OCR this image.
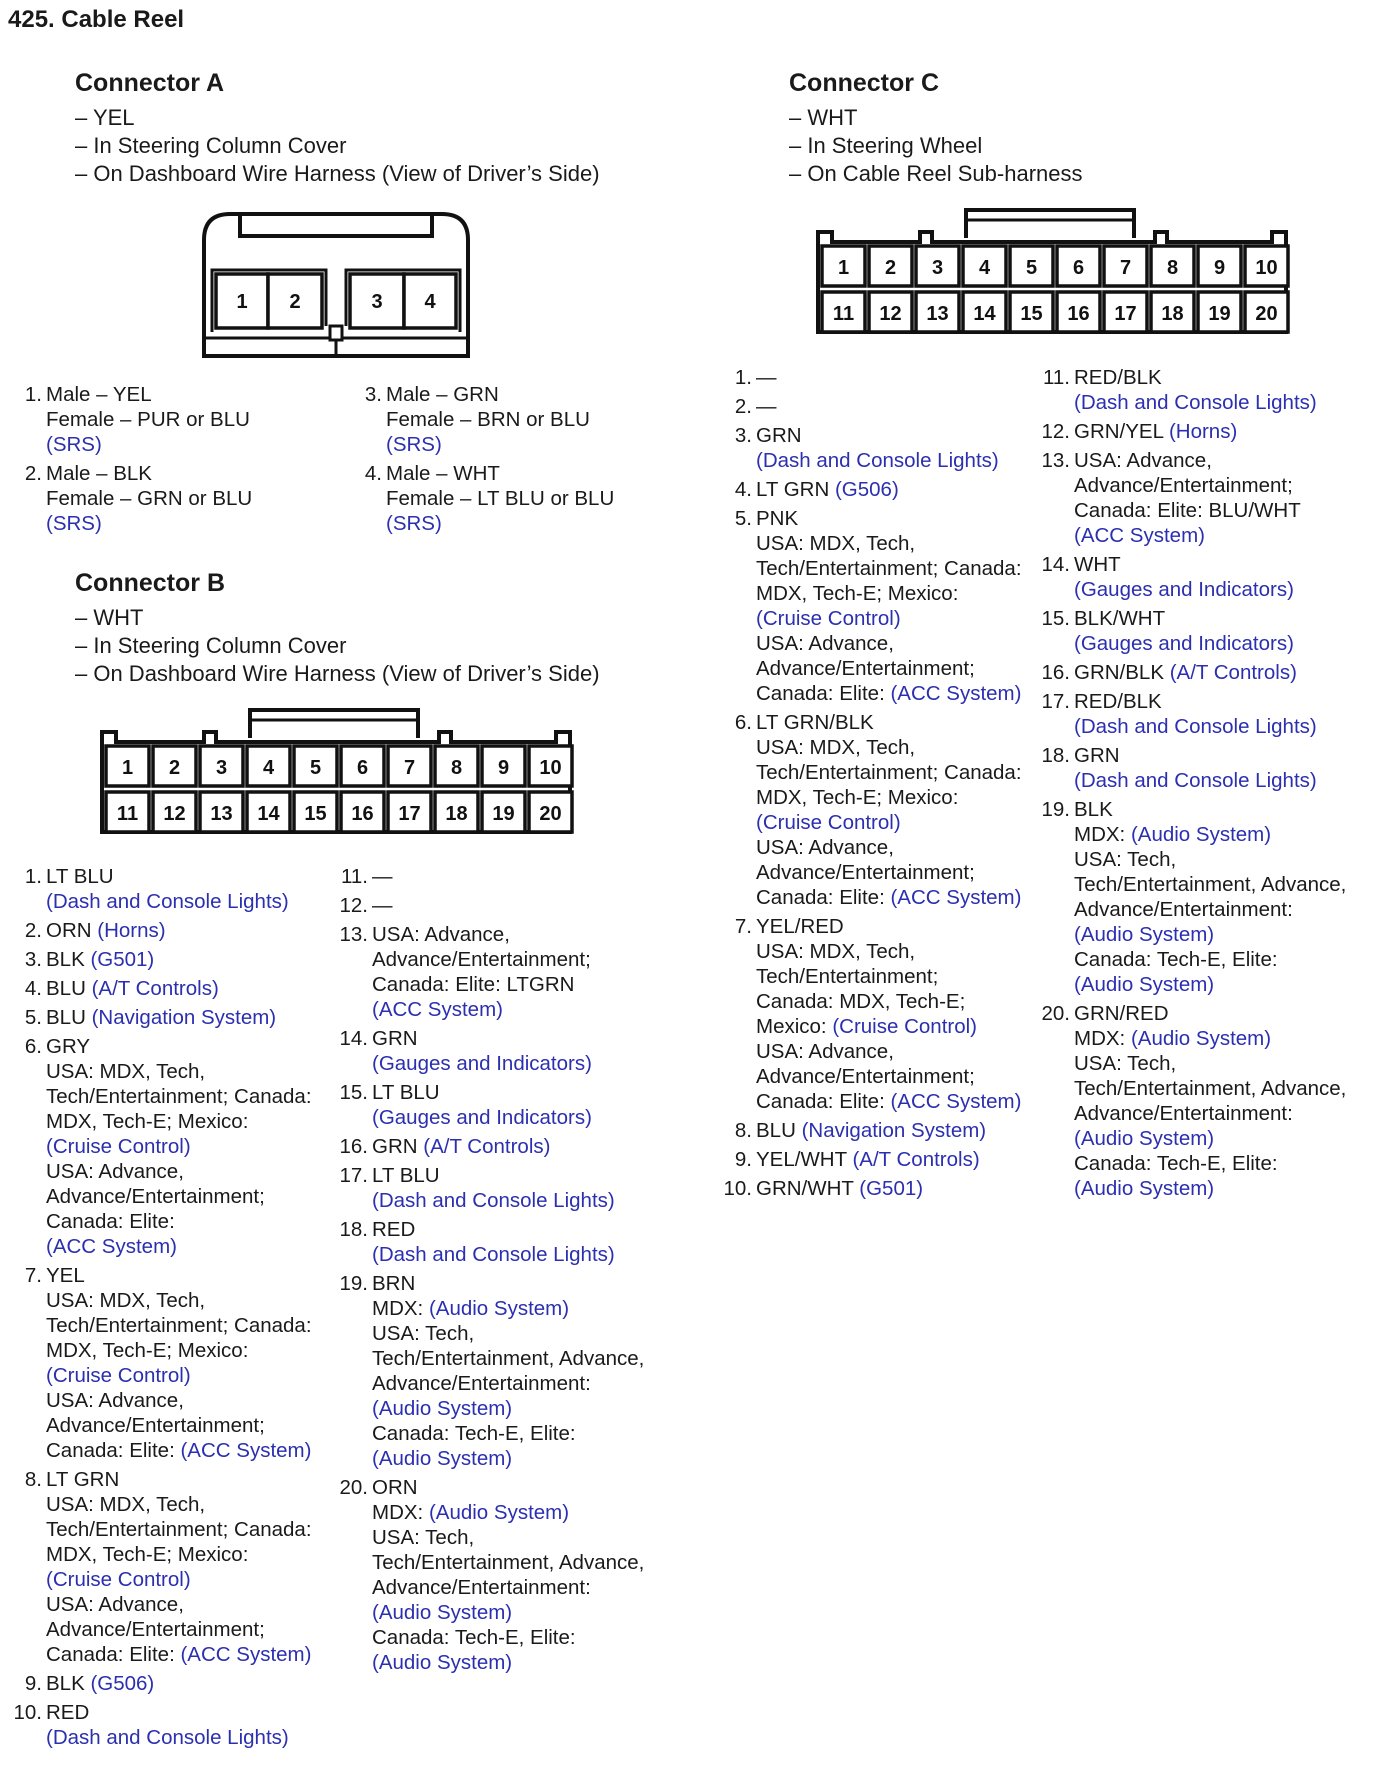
425. Cable Reel
Connector A
– YEL
– In Steering Column Cover
– On Dashboard Wire Harness (View of Driver’s Side)
1 2	3 4
1. Male – YEL
Female – PUR or BLU
(SRS)
2. Male – BLK
Female – GRN or BLU
(SRS)
3. Male – GRN
Female – BRN or BLU
(SRS)
4. Male – WHT
Female – LT BLU or BLU
(SRS)
Connector B
– WHT
– In Steering Column Cover
– On Dashboard Wire Harness (View of Driver’s Side)
1 2 3 4 5 6 7 8 9 10
11 12 13 14 15 16 17 18 19 20
1. LT BLU
(Dash and Console Lights)
2. ORN (Horns)
3. BLK (G501)
4. BLU (A/T Controls)
5. BLU (Navigation System)
6. GRY
USA: MDX, Tech,
Tech/Entertainment; Canada:
MDX, Tech-E; Mexico:
(Cruise Control)
USA: Advance,
Advance/Entertainment;
Canada: Elite:
(ACC System)
7. YEL
USA: MDX, Tech,
Tech/Entertainment; Canada:
MDX, Tech-E; Mexico:
(Cruise Control)
USA: Advance,
Advance/Entertainment;
Canada: Elite: (ACC System)
8. LT GRN
USA: MDX, Tech,
Tech/Entertainment; Canada:
MDX, Tech-E; Mexico:
(Cruise Control)
USA: Advance,
Advance/Entertainment;
Canada: Elite: (ACC System)
9. BLK (G506)
10. RED
(Dash and Console Lights)
11. —
12. —
13. USA: Advance,
Advance/Entertainment;
Canada: Elite: LTGRN
(ACC System)
14. GRN
(Gauges and Indicators)
15. LT BLU
(Gauges and Indicators)
16. GRN (A/T Controls)
17. LT BLU
(Dash and Console Lights)
18. RED
(Dash and Console Lights)
19. BRN
MDX: (Audio System)
USA: Tech,
Tech/Entertainment, Advance,
Advance/Entertainment:
(Audio System)
Canada: Tech-E, Elite:
(Audio System)
20. ORN
MDX: (Audio System)
USA: Tech,
Tech/Entertainment, Advance,
Advance/Entertainment:
(Audio System)
Canada: Tech-E, Elite:
(Audio System)
Connector C
– WHT
– In Steering Wheel
– On Cable Reel Sub-harness
1 2 3 4 5 6 7 8 9 10
11 12 13 14 15 16 17 18 19 20
1. —
2. —
3. GRN
(Dash and Console Lights)
4. LT GRN (G506)
5. PNK
USA: MDX, Tech,
Tech/Entertainment; Canada:
MDX, Tech-E; Mexico:
(Cruise Control)
USA: Advance,
Advance/Entertainment;
Canada: Elite: (ACC System)
6. LT GRN/BLK
USA: MDX, Tech,
Tech/Entertainment; Canada:
MDX, Tech-E; Mexico:
(Cruise Control)
USA: Advance,
Advance/Entertainment;
Canada: Elite: (ACC System)
7. YEL/RED
USA: MDX, Tech,
Tech/Entertainment;
Canada: MDX, Tech-E;
Mexico: (Cruise Control)
USA: Advance,
Advance/Entertainment;
Canada: Elite: (ACC System)
8. BLU (Navigation System)
9. YEL/WHT (A/T Controls)
10. GRN/WHT (G501)
11. RED/BLK
(Dash and Console Lights)
12. GRN/YEL (Horns)
13. USA: Advance,
Advance/Entertainment;
Canada: Elite: BLU/WHT
(ACC System)
14. WHT
(Gauges and Indicators)
15. BLK/WHT
(Gauges and Indicators)
16. GRN/BLK (A/T Controls)
17. RED/BLK
(Dash and Console Lights)
18. GRN
(Dash and Console Lights)
19. BLK
MDX: (Audio System)
USA: Tech,
Tech/Entertainment, Advance,
Advance/Entertainment:
(Audio System)
Canada: Tech-E, Elite:
(Audio System)
20. GRN/RED
MDX: (Audio System)
USA: Tech,
Tech/Entertainment, Advance,
Advance/Entertainment:
(Audio System)
Canada: Tech-E, Elite:
(Audio System)
